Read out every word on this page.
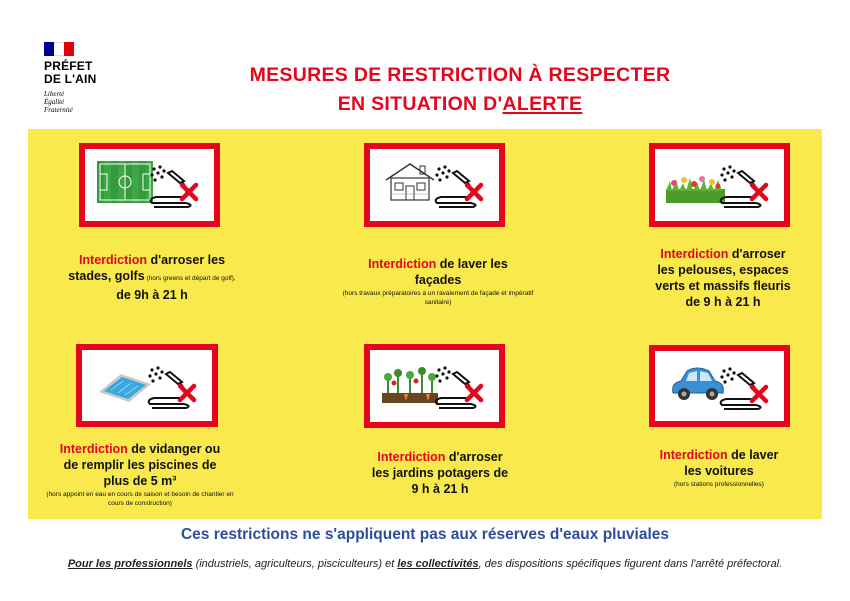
PRÉFET
DE L'AIN
Liberté
Égalité
Fraternité
MESURES DE RESTRICTION À RESPECTER
EN SITUATION D'ALERTE
Interdiction d'arroser les
stades, golfs (hors greens et départ de golf),
de 9h à 21 h
Interdiction de laver les
façades
(hors travaux préparatoires à un ravalement de façade et impératif sanitaire)
Interdiction d'arroser
les pelouses, espaces
verts et massifs fleuris
de 9 h à 21 h
Interdiction de vidanger ou
de remplir les piscines de
plus de 5 m³
(hors appoint en eau en cours de saison et besoin de chantier en cours de construction)
Interdiction d'arroser
les jardins potagers de
9 h à 21 h
Interdiction de laver
les voitures
(hors stations professionnelles)
Ces restrictions ne s'appliquent pas aux réserves d'eaux pluviales
Pour les professionnels (industriels, agriculteurs, pisciculteurs) et les collectivités, des dispositions spécifiques figurent dans l'arrêté préfectoral.
